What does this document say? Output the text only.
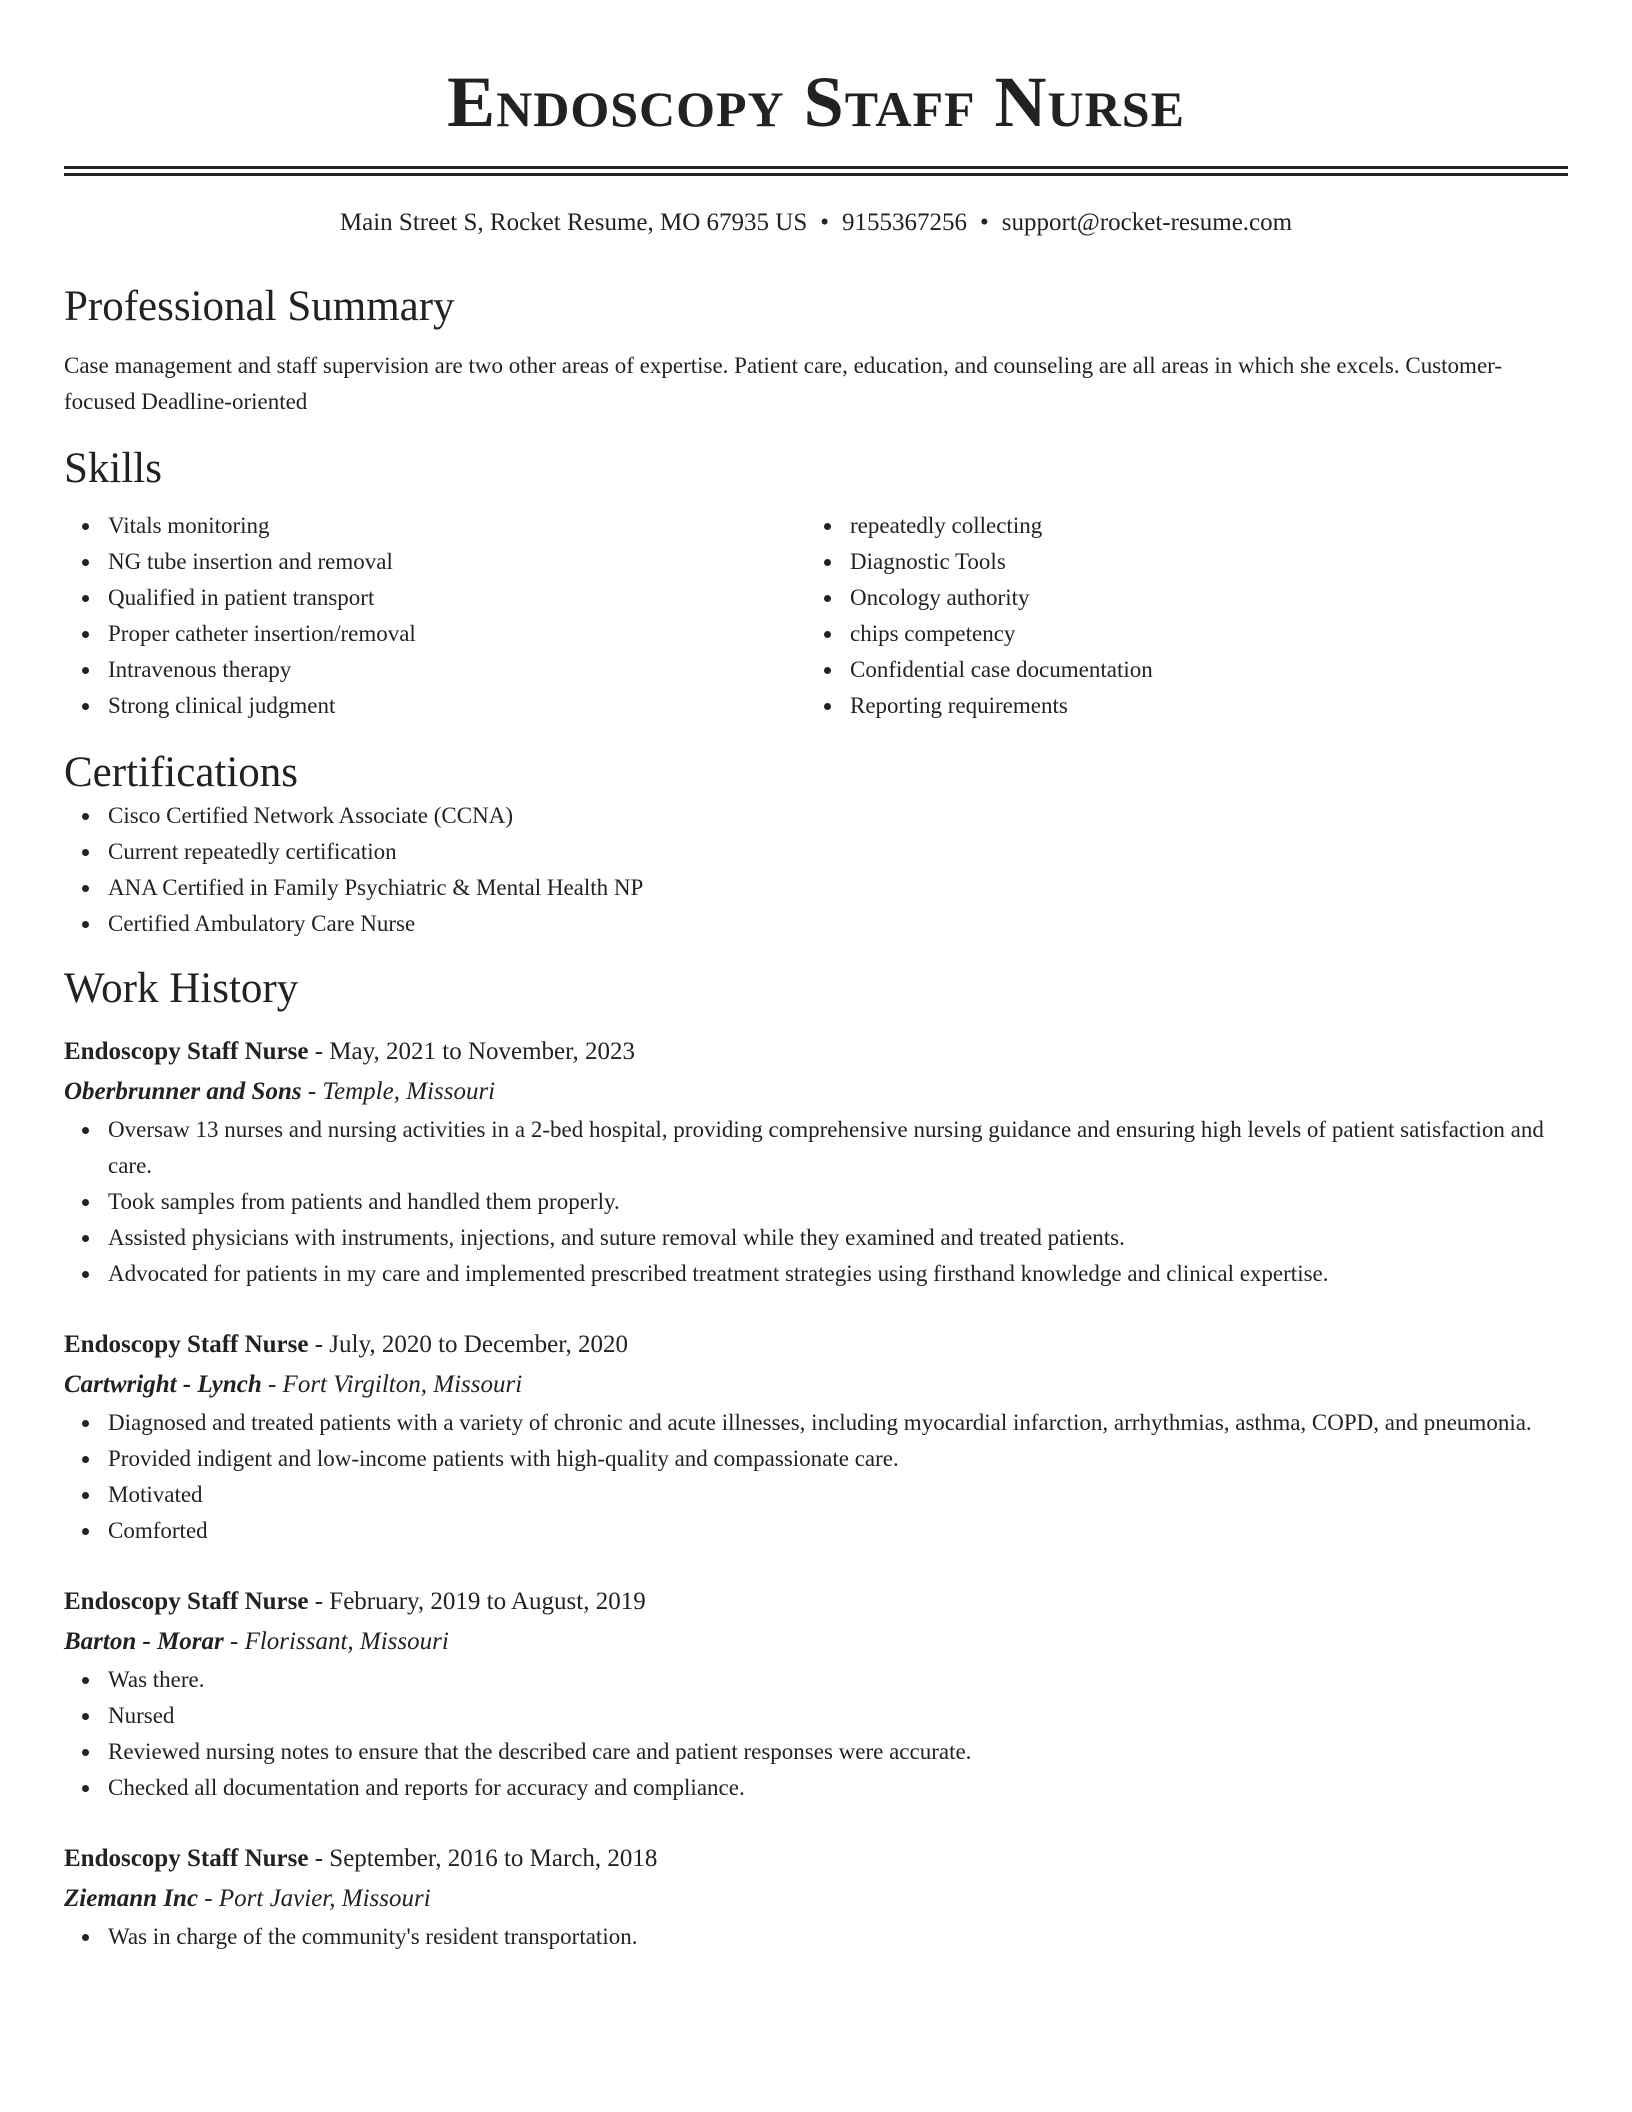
Endoscopy Staff Nurse
Main Street S, Rocket Resume, MO 67935 US • 9155367256 • support@rocket-resume.com
Professional Summary
Case management and staff supervision are two other areas of expertise. Patient care, education, and counseling are all areas in which she excels. Customer-focused Deadline-oriented
Skills
Vitals monitoring
NG tube insertion and removal
Qualified in patient transport
Proper catheter insertion/removal
Intravenous therapy
Strong clinical judgment
repeatedly collecting
Diagnostic Tools
Oncology authority
chips competency
Confidential case documentation
Reporting requirements
Certifications
Cisco Certified Network Associate (CCNA)
Current repeatedly certification
ANA Certified in Family Psychiatric & Mental Health NP
Certified Ambulatory Care Nurse
Work History
Endoscopy Staff Nurse - May, 2021 to November, 2023
Oberbrunner and Sons - Temple, Missouri
Oversaw 13 nurses and nursing activities in a 2-bed hospital, providing comprehensive nursing guidance and ensuring high levels of patient satisfaction and care.
Took samples from patients and handled them properly.
Assisted physicians with instruments, injections, and suture removal while they examined and treated patients.
Advocated for patients in my care and implemented prescribed treatment strategies using firsthand knowledge and clinical expertise.
Endoscopy Staff Nurse - July, 2020 to December, 2020
Cartwright - Lynch - Fort Virgilton, Missouri
Diagnosed and treated patients with a variety of chronic and acute illnesses, including myocardial infarction, arrhythmias, asthma, COPD, and pneumonia.
Provided indigent and low-income patients with high-quality and compassionate care.
Motivated
Comforted
Endoscopy Staff Nurse - February, 2019 to August, 2019
Barton - Morar - Florissant, Missouri
Was there.
Nursed
Reviewed nursing notes to ensure that the described care and patient responses were accurate.
Checked all documentation and reports for accuracy and compliance.
Endoscopy Staff Nurse - September, 2016 to March, 2018
Ziemann Inc - Port Javier, Missouri
Was in charge of the community's resident transportation.
